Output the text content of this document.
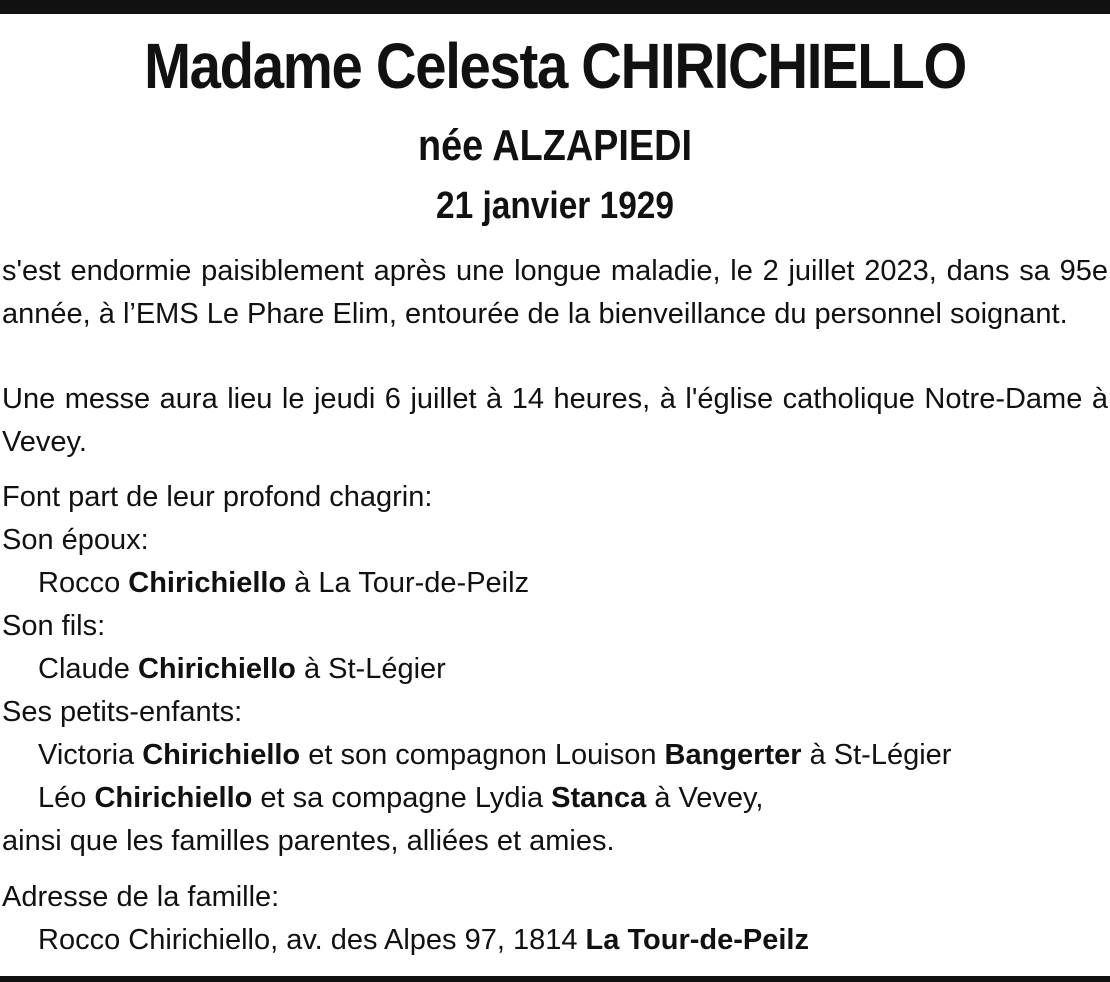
Madame Celesta CHIRICHIELLO
née ALZAPIEDI
21 janvier 1929
s'est endormie paisiblement après une longue maladie, le 2 juillet 2023, dans sa 95e année, à l’EMS Le Phare Elim, entourée de la bienveillance du personnel soignant.
Une messe aura lieu le jeudi 6 juillet à 14 heures, à l'église catholique Notre-Dame à Vevey.
Font part de leur profond chagrin:
Son époux:
Rocco Chirichiello à La Tour-de-Peilz
Son fils:
Claude Chirichiello à St-Légier
Ses petits-enfants:
Victoria Chirichiello et son compagnon Louison Bangerter à St-Légier
Léo Chirichiello et sa compagne Lydia Stanca à Vevey,
ainsi que les familles parentes, alliées et amies.
Adresse de la famille:
Rocco Chirichiello, av. des Alpes 97, 1814 La Tour-de-Peilz
